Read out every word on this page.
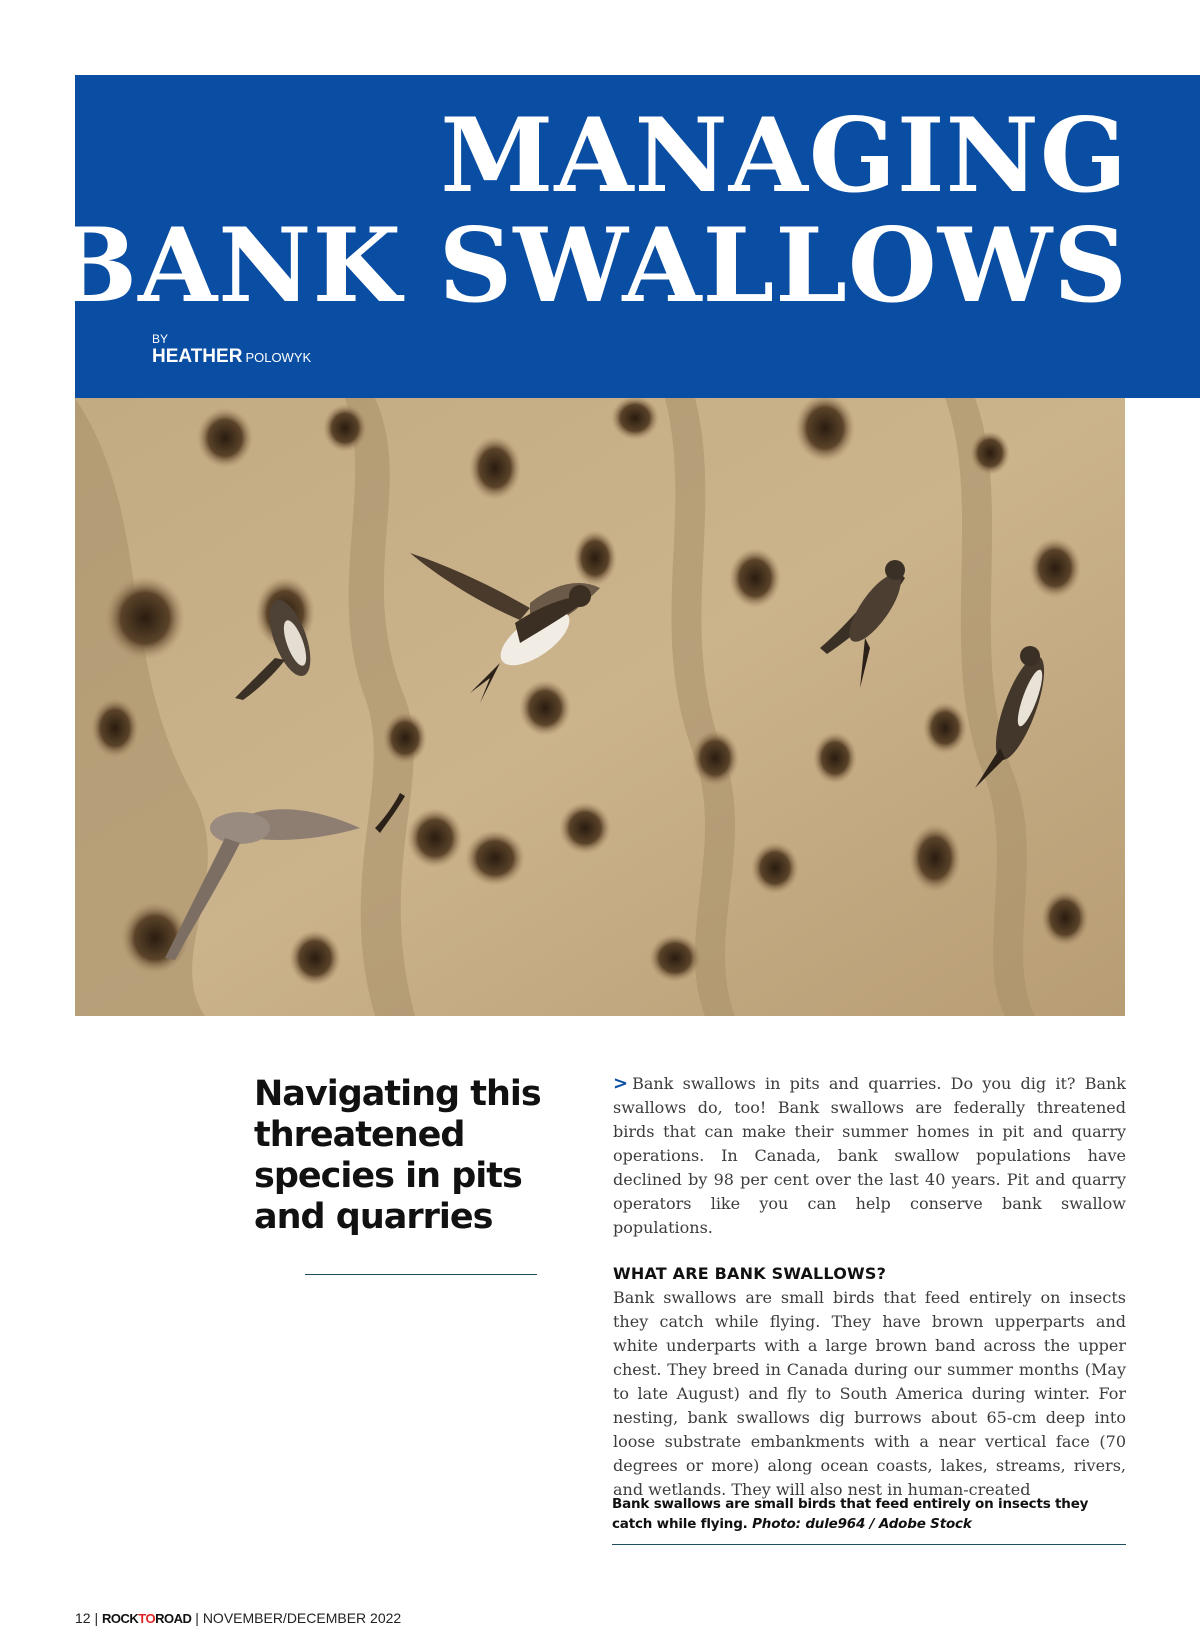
MANAGING
BANK SWALLOWS
BY
HEATHER POLOWYK
Navigating this threatened species in pits and quarries

> Bank swallows in pits and quarries. Do you dig it? Bank swallows do, too! Bank swallows are federally threatened birds that can make their summer homes in pit and quarry operations. In Canada, bank swallow populations have declined by 98 per cent over the last 40 years. Pit and quarry operators like you can help conserve bank swallow populations.

WHAT ARE BANK SWALLOWS?

Bank swallows are small birds that feed entirely on insects they catch while flying. They have brown upperparts and white underparts with a large brown band across the upper chest. They breed in Canada during our summer months (May to late August) and fly to South America during winter. For nesting, bank swallows dig burrows about 65-cm deep into loose substrate embankments with a near vertical face (70 degrees or more) along ocean coasts, lakes, streams, rivers, and wetlands. They will also nest in human-created

Bank swallows are small birds that feed entirely on insects they catch while flying. Photo: dule964 / Adobe Stock

12 | ROCKTOROAD | NOVEMBER/DECEMBER 2022
